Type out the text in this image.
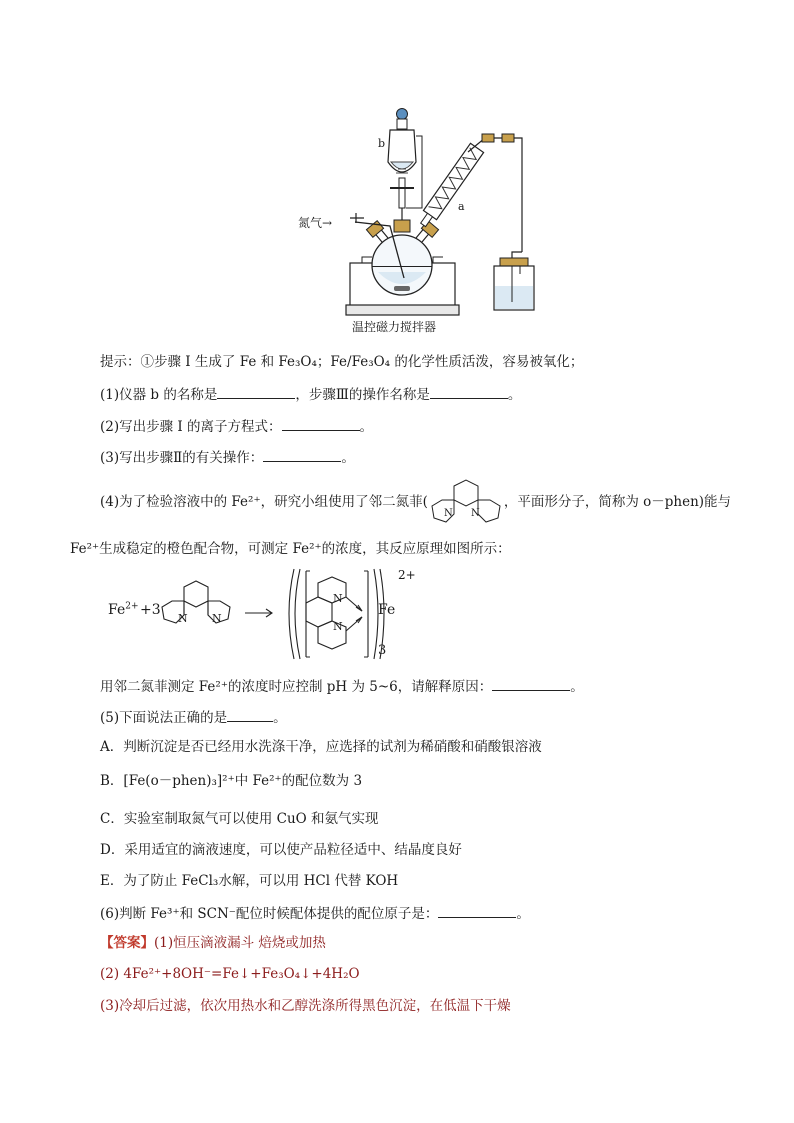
b
a
氮气→
温控磁力搅拌器
提示：①步骤 I 生成了 Fe 和 Fe₃O₄；Fe/Fe₃O₄ 的化学性质活泼，容易被氧化；
(1)仪器 b 的名称是	，步骤Ⅲ的操作名称是	。
(2)写出步骤 I 的离子方程式：	。
(3)写出步骤Ⅱ的有关操作：	。
(4)为了检验溶液中的 Fe²⁺，研究小组使用了邻二氮菲(	，平面形分子，简称为 o－phen)能与
N N
Fe²⁺生成稳定的橙色配合物，可测定 Fe²⁺的浓度，其反应原理如图所示：
$Fe^{2+} +3$
N N
N
N
Fe
3
2+
用邻二氮菲测定 Fe²⁺的浓度时应控制 pH 为 5~6，请解释原因：	。
(5)下面说法正确的是	。
A．判断沉淀是否已经用水洗涤干净，应选择的试剂为稀硝酸和硝酸银溶液
B．[Fe(o－phen)₃]²⁺中 Fe²⁺的配位数为 3
C．实验室制取氮气可以使用 CuO 和氨气实现
D．采用适宜的滴液速度，可以使产品粒径适中、结晶度良好
E．为了防止 FeCl₃水解，可以用 HCl 代替 KOH
(6)判断 Fe³⁺和 SCN⁻配位时候配体提供的配位原子是：	。
【答案】(1)恒压滴液漏斗 焙烧或加热
(2) 4Fe²⁺+8OH⁻=Fe↓+Fe₃O₄↓+4H₂O
(3)冷却后过滤，依次用热水和乙醇洗涤所得黑色沉淀，在低温下干燥
